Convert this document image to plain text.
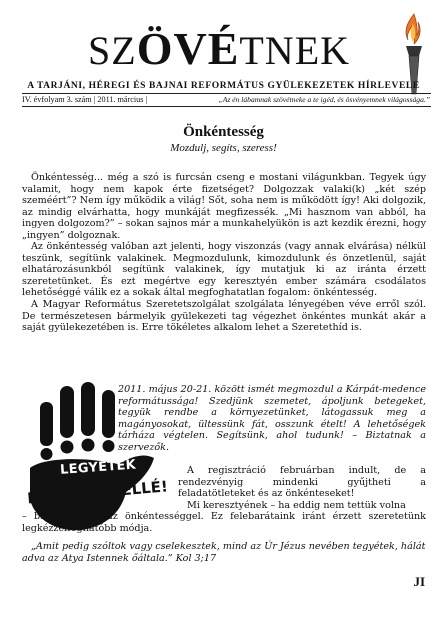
SZÖVÉTNEK
A TARJÁNI, HÉREGI ÉS BAJNAI REFORMÁTUS GYÜLEKEZETEK HÍRLEVELE
IV. évfolyam 3. szám | 2011. március |	„Az én lábamnak szövétneke a te igéd, és ösvényemnek világossága.”
Önkéntesség
Mozdulj, segíts, szeress!

Önkéntesség... még a szó is furcsán cseng e mostani világunkban. Tegyek úgy valamit, hogy nem kapok érte fizetséget? Dolgozzak valaki(k) „két szép szeméért”? Nem így működik a világ! Sőt, soha nem is működött így! Aki dolgozik, az mindig elvárhatta, hogy munkáját megfizessék. „Mi hasznom van abból, ha ingyen dolgozom?” – sokan sajnos már a munkahelyükön is azt kezdik érezni, hogy „ingyen” dolgoznak.

Az önkéntesség valóban azt jelenti, hogy viszonzás (vagy annak elvárása) nélkül teszünk, segítünk valakinek. Megmozdulunk, kimozdulunk és önzetlenül, saját elhatározásunkból segítünk valakinek, így mutatjuk ki az iránta érzett szeretetünket. És ezt megértve egy keresztyén ember számára csodálatos lehetőséggé válik ez a sokak által megfoghatatlan fogalom: önkéntesség.

A Magyar Református Szeretetszolgálat szolgálata lényegében véve erről szól. De természetesen bármelyik gyülekezeti tag végezhet önkéntes munkát akár a saját gyülekezetében is. Erre tökéletes alkalom lehet a Szeretethíd is.

LEGYETEK
FELKIÁLTÓJELLÉ!
2011. május 20-21. között ismét megmozdul a Kárpát-medence reformátussága! Szedjünk szemetet, ápoljunk betegeket, tegyük rendbe a környezetünket, látogassuk meg a magányosokat, ültessünk fát, osszunk ételt! A lehetőségek tárháza végtelen. Segítsünk, ahol tudunk! – Biztatnak a szervezők.

A regisztráció februárban indult, de a rendezvényig mindenki gyűjtheti a feladatötleteket és az önkénteseket!

Mi keresztyének – ha eddig nem tettük volna

– barátkozzunk az önkéntességgel. Ez felebarátaink iránt érzett szeretetünk legkézzelfoghatóbb módja.
„Amit pedig szóltok vagy cselekesztek, mind az Úr Jézus nevében tegyétek, hálát adva az Atya Istennek őáltala.” Kol 3;17
JI
